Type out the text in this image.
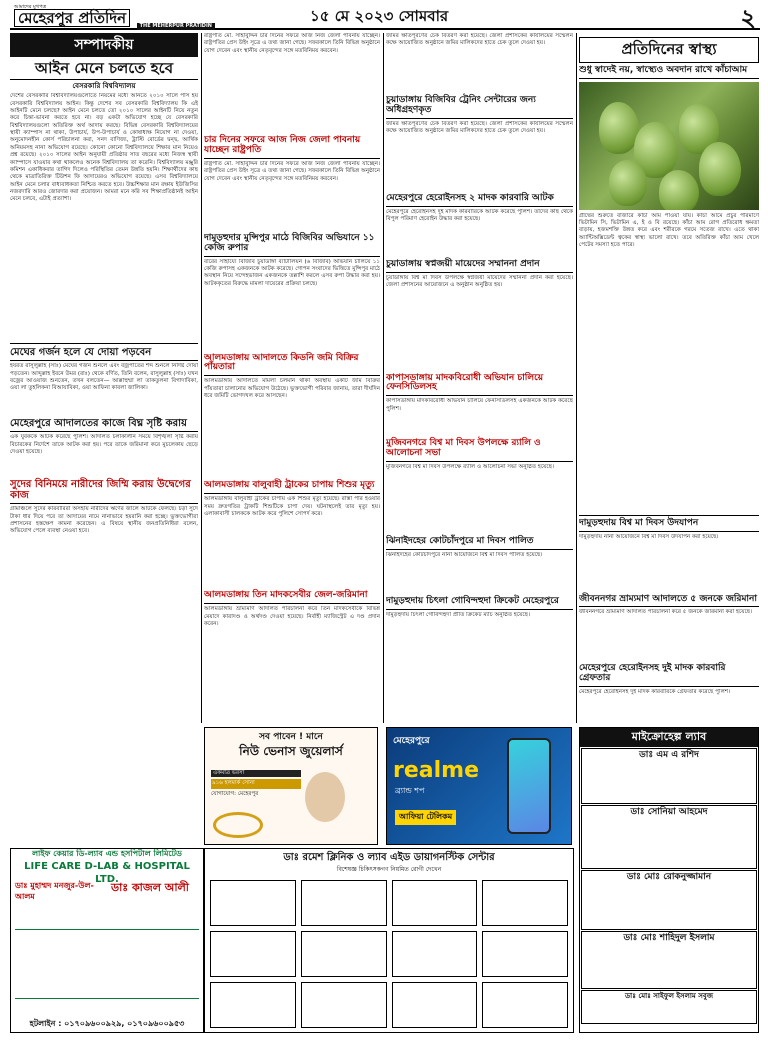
আমাদের মুখপত্র
মেহেরপুর প্রতিদিন	THE MEHERPUR PRATIDIN
১৫ মে ২০২৩ সোমবার	২
সম্পাদকীয়
আইন মেনে চলতে হবে
বেসরকারি বিশ্ববিদ্যালয়
দেশের বেসরকারি বিশ্ববিদ্যালয়গুলোতে নিয়মের মধ্যে আনতে ২০১০ সালে পাস হয় বেসরকারি বিশ্ববিদ্যালয় আইন। কিন্তু দেশের সব বেসরকারি বিশ্ববিদ্যালয় কি এই আইনটি মেনে চলছে? আইন মেনে চলতে তো ২০১০ সালের আইনটি নিয়ে নতুন করে চিন্তা-ভাবনা করতে হবে না। বড় একটা অভিযোগ হচ্ছে যে বেসরকারি বিশ্ববিদ্যালয়গুলো অতিরিক্ত অর্থ আদায় করছে। বিভিন্ন বেসরকারি বিশ্ববিদ্যালয়ের স্থায়ী ক্যাম্পাস না থাকা, উপাচার্য, উপ-উপাচার্য ও কোষাধ্যক্ষ নিয়োগ না দেওয়া, অনুমোদনহীন কোর্স পরিচালনা করা, সনদ বাণিজ্য, ট্রাস্টি বোর্ডের দ্বন্দ্ব, আর্থিক অনিয়মসহ নানা অভিযোগ রয়েছে। কোনো কোনো বিশ্ববিদ্যালয়ে শিক্ষার মান নিয়েও প্রশ্ন রয়েছে। ২০১০ সালের আইন অনুযায়ী প্রতিষ্ঠার সাত বছরের মধ্যে নিজস্ব স্থায়ী ক্যাম্পাসে যাওয়ার কথা থাকলেও অনেক বিশ্ববিদ্যালয় তা করেনি। বিশ্ববিদ্যালয় মঞ্জুরি কমিশন একাধিকবার তাগিদ দিলেও পরিস্থিতির তেমন উন্নতি হয়নি। শিক্ষার্থীদের কাছ থেকে মাত্রাতিরিক্ত টিউশন ফি আদায়েরও অভিযোগ রয়েছে। এসব বিশ্ববিদ্যালয়ে আইন মেনে চলার বাধ্যবাধকতা নিশ্চিত করতে হবে। উচ্চশিক্ষার মান রক্ষায় ইউজিসির নজরদারি আরও জোরদার করা প্রয়োজন। আমরা মনে করি সব শিক্ষাপ্রতিষ্ঠানই আইন মেনে চলবে, এটাই প্রত্যাশা।
মেঘের গর্জন হলে যে দোয়া পড়বেন
হযরত রাসুলুল্লাহ (সাঃ) মেঘের গর্জন শুনলে এবং বজ্রপাতের শব্দ শুনলে নির্দিষ্ট দোয়া পড়তেন। আব্দুল্লাহ ইবনে উমর (রাঃ) থেকে বর্ণিত, তিনি বলেন, রাসুলুল্লাহ (সাঃ) যখন বজ্রের আওয়াজ শুনতেন, তখন বলতেন— আল্লাহুম্মা লা তাকতুলনা বিগাদাবিকা, ওয়া লা তুহলিকনা বিআযাবিকা, ওয়া আফিনা কাবলা জালিকা।
মেহেরপুরে আদালতের কাজে বিঘ্ন সৃষ্টি করায়
এক যুবককে আটক করেছে পুলিশ। আদালত চলাকালীন সময়ে বিশৃঙ্খলা সৃষ্টি করায় বিচারকের নির্দেশে তাকে আটক করা হয়। পরে তাকে জরিমানা করে মুচলেকায় ছেড়ে দেওয়া হয়েছে।
সুদের বিনিময়ে নারীদের জিম্মি করায় উদ্বেগের কাজ
গ্রামাঞ্চলে সুদের কারবারিরা অসহায় নারীদের ঋণের জালে আটকে ফেলছে। চড়া সুদে টাকা ধার দিয়ে পরে তা আদায়ের নামে নানাভাবে হয়রানি করা হচ্ছে। ভুক্তভোগীরা প্রশাসনের হস্তক্ষেপ কামনা করেছেন। এ বিষয়ে স্থানীয় জনপ্রতিনিধিরা বলেন, অভিযোগ পেলে ব্যবস্থা নেওয়া হবে।
রাষ্ট্রপতি মো. সাহাবুদ্দিন চার দিনের সফরে আজ নিজ জেলা পাবনায় যাচ্ছেন। রাষ্ট্রপতির প্রেস উইং সূত্রে এ তথ্য জানা গেছে। সফরকালে তিনি বিভিন্ন অনুষ্ঠানে যোগ দেবেন এবং স্থানীয় নেতৃবৃন্দের সঙ্গে মতবিনিময় করবেন।
চার দিনের সফরে আজ নিজ জেলা পাবনায় যাচ্ছেন রাষ্ট্রপতি
রাষ্ট্রপতি মো. সাহাবুদ্দিন চার দিনের সফরে আজ নিজ জেলা পাবনায় যাচ্ছেন। রাষ্ট্রপতির প্রেস উইং সূত্রে এ তথ্য জানা গেছে। সফরকালে তিনি বিভিন্ন অনুষ্ঠানে যোগ দেবেন এবং স্থানীয় নেতৃবৃন্দের সঙ্গে মতবিনিময় করবেন।
দামুড়হুদার মুন্সিপুর মাঠে বিজিবির অভিযানে ১১ কেজি রুপার
বারের সাহায্যে বিজিবি চুয়াডাঙ্গা ব্যাটালিয়ন (৬ বিজিবি) অভিযান চালিয়ে ১১ কেজি রুপাসহ একজনকে আটক করেছে। গোপন সংবাদের ভিত্তিতে মুন্সিপুর মাঠে অবস্থান নিয়ে সন্দেহভাজন একজনকে তল্লাশি করলে এসব রুপা উদ্ধার করা হয়। আটককৃতের বিরুদ্ধে মামলা দায়েরের প্রক্রিয়া চলছে।
আলমডাঙ্গায় আদালতে কিডনি জমি বিক্রির পাঁয়তারা
আলমডাঙ্গায় আদালতে মামলা চলমান থাকা অবস্থায় একটি জমি বিক্রির পাঁয়তারা চালানোর অভিযোগ উঠেছে। ভুক্তভোগী পরিবার জানায়, তারা দীর্ঘদিন ধরে জমিটি ভোগদখল করে আসছেন।
আলমডাঙ্গায় বালুবাহী ট্রাকের চাপায় শিশুর মৃত্যু
আলমডাঙ্গায় বালুবাহী ট্রাকের চাপায় এক শিশুর মৃত্যু হয়েছে। রাস্তা পার হওয়ার সময় দ্রুতগতির ট্রাকটি শিশুটিকে চাপা দেয়। ঘটনাস্থলেই তার মৃত্যু হয়। এলাকাবাসী চালককে আটক করে পুলিশে সোপর্দ করে।
আলমডাঙ্গায় তিন মাদকসেবীর জেল-জরিমানা
আলমডাঙ্গায় ভ্রাম্যমাণ আদালত পরিচালনা করে তিন মাদকসেবীকে বিভিন্ন মেয়াদে কারাদণ্ড ও অর্থদণ্ড দেওয়া হয়েছে। নির্বাহী ম্যাজিস্ট্রেট এ দণ্ড প্রদান করেন।
জমির ক্ষতিপূরণের চেক বিতরণ করা হয়েছে। জেলা প্রশাসকের কার্যালয়ের সম্মেলন কক্ষে আয়োজিত অনুষ্ঠানে জমির মালিকদের হাতে চেক তুলে দেওয়া হয়।
চুয়াডাঙ্গায় বিজিবির ট্রেনিং সেন্টারের জন্য অধিগ্রহণকৃত
জমির ক্ষতিপূরণের চেক বিতরণ করা হয়েছে। জেলা প্রশাসকের কার্যালয়ের সম্মেলন কক্ষে আয়োজিত অনুষ্ঠানে জমির মালিকদের হাতে চেক তুলে দেওয়া হয়।
মেহেরপুরে হেরোইনসহ ২ মাদক কারবারি আটক
মেহেরপুরে হেরোইনসহ দুই মাদক কারবারিকে আটক করেছে পুলিশ। তাদের কাছ থেকে বিপুল পরিমাণ হেরোইন উদ্ধার করা হয়েছে।
চুয়াডাঙ্গায় স্বপ্নজয়ী মায়েদের সম্মাননা প্রদান
চুয়াডাঙ্গায় বিশ্ব মা দিবস উপলক্ষে স্বপ্নজয়ী মায়েদের সম্মাননা প্রদান করা হয়েছে। জেলা প্রশাসনের আয়োজনে এ অনুষ্ঠান অনুষ্ঠিত হয়।
কাপাসডাঙ্গায় মাদকবিরোধী অভিযান চালিয়ে ফেনসিডিলসহ
কাপাসডাঙ্গায় মাদকবিরোধী অভিযান চালিয়ে ফেনসিডিলসহ একজনকে আটক করেছে পুলিশ।
মুজিবনগরে বিশ্ব মা দিবস উপলক্ষে র‍্যালি ও আলোচনা সভা
মুজিবনগরে বিশ্ব মা দিবস উপলক্ষে র‍্যালি ও আলোচনা সভা অনুষ্ঠিত হয়েছে।
ঝিনাইদহের কোটচাঁদপুরে মা দিবস পালিত
ঝিনাইদহের কোটচাঁদপুরে নানা আয়োজনে বিশ্ব মা দিবস পালিত হয়েছে।
দামুড়হুদায় চিৎলা গোবিন্দহুদা ক্রিকেট মেহেরপুরে
দামুড়হুদায় চিৎলা গোবিন্দহুদা প্রীতি ক্রিকেট ম্যাচ অনুষ্ঠিত হয়েছে।
প্রতিদিনের স্বাস্থ্য
শুধু স্বাদেই নয়, স্বাস্থ্যেও অবদান রাখে কাঁচাআম
গ্রীষ্মের শুরুতে বাজারে কাঁচা আম পাওয়া যায়। কাঁচা আমে প্রচুর পরিমাণে ভিটামিন সি, ভিটামিন এ, ই ও বি রয়েছে। কাঁচা আম রোগ প্রতিরোধ ক্ষমতা বাড়ায়, হজমশক্তি উন্নত করে এবং শরীরকে গরমে সতেজ রাখে। এতে থাকা অ্যান্টিঅক্সিডেন্ট ত্বকের স্বাস্থ্য ভালো রাখে। তবে অতিরিক্ত কাঁচা আম খেলে পেটের সমস্যা হতে পারে।
দামুড়হুদায় বিশ্ব মা দিবস উদযাপন
দামুড়হুদায় নানা আয়োজনে বিশ্ব মা দিবস উদযাপন করা হয়েছে।
জীবননগর ভ্রাম্যমাণ আদালতে ৫ জনকে জরিমানা
জীবননগরে ভ্রাম্যমাণ আদালত পরিচালনা করে ৫ জনকে জরিমানা করা হয়েছে।
মেহেরপুরে হেরোইনসহ দুই মাদক কারবারি গ্রেফতার
মেহেরপুরে হেরোইনসহ দুই মাদক কারবারিকে গ্রেফতার করেছে পুলিশ।
সব পাবেন ! মানে
নিউ ভেনাস জুয়েলার্স
একমাত্র ভরসা
৯১৬ হলমার্ক সোনা
যোগাযোগ: মেহেরপুর
মেহেরপুরে
realme
ব্র্যান্ড শপ
আফিয়া টেলিকম
মাইক্রোহেল্প ল্যাব
ডাঃ এম এ রশিদ
ডাঃ সোনিয়া আহমেদ
ডাঃ মোঃ রোকনুজ্জামান
ডাঃ মোঃ শাহিদুল ইসলাম
ডাঃ মোঃ সাইফুল ইসলাম সবুজ
লাইফ কেয়ার ডি-ল্যাব এন্ড হসপিটাল লিমিটেড
LIFE CARE D-LAB & HOSPITAL LTD.
ডাঃ মুহাম্মদ মনজুর-উল-আলম
ডাঃ কাজল আলী
হটলাইন : ০১৭০৯৬০০৯২৯, ০১৭০৯৬০০৯৫৩
ডাঃ রমেশ ক্লিনিক ও ল্যাব এইড ডায়াগনস্টিক সেন্টার
বিশেষজ্ঞ চিকিৎসকগণ নিয়মিত রোগী দেখেন
